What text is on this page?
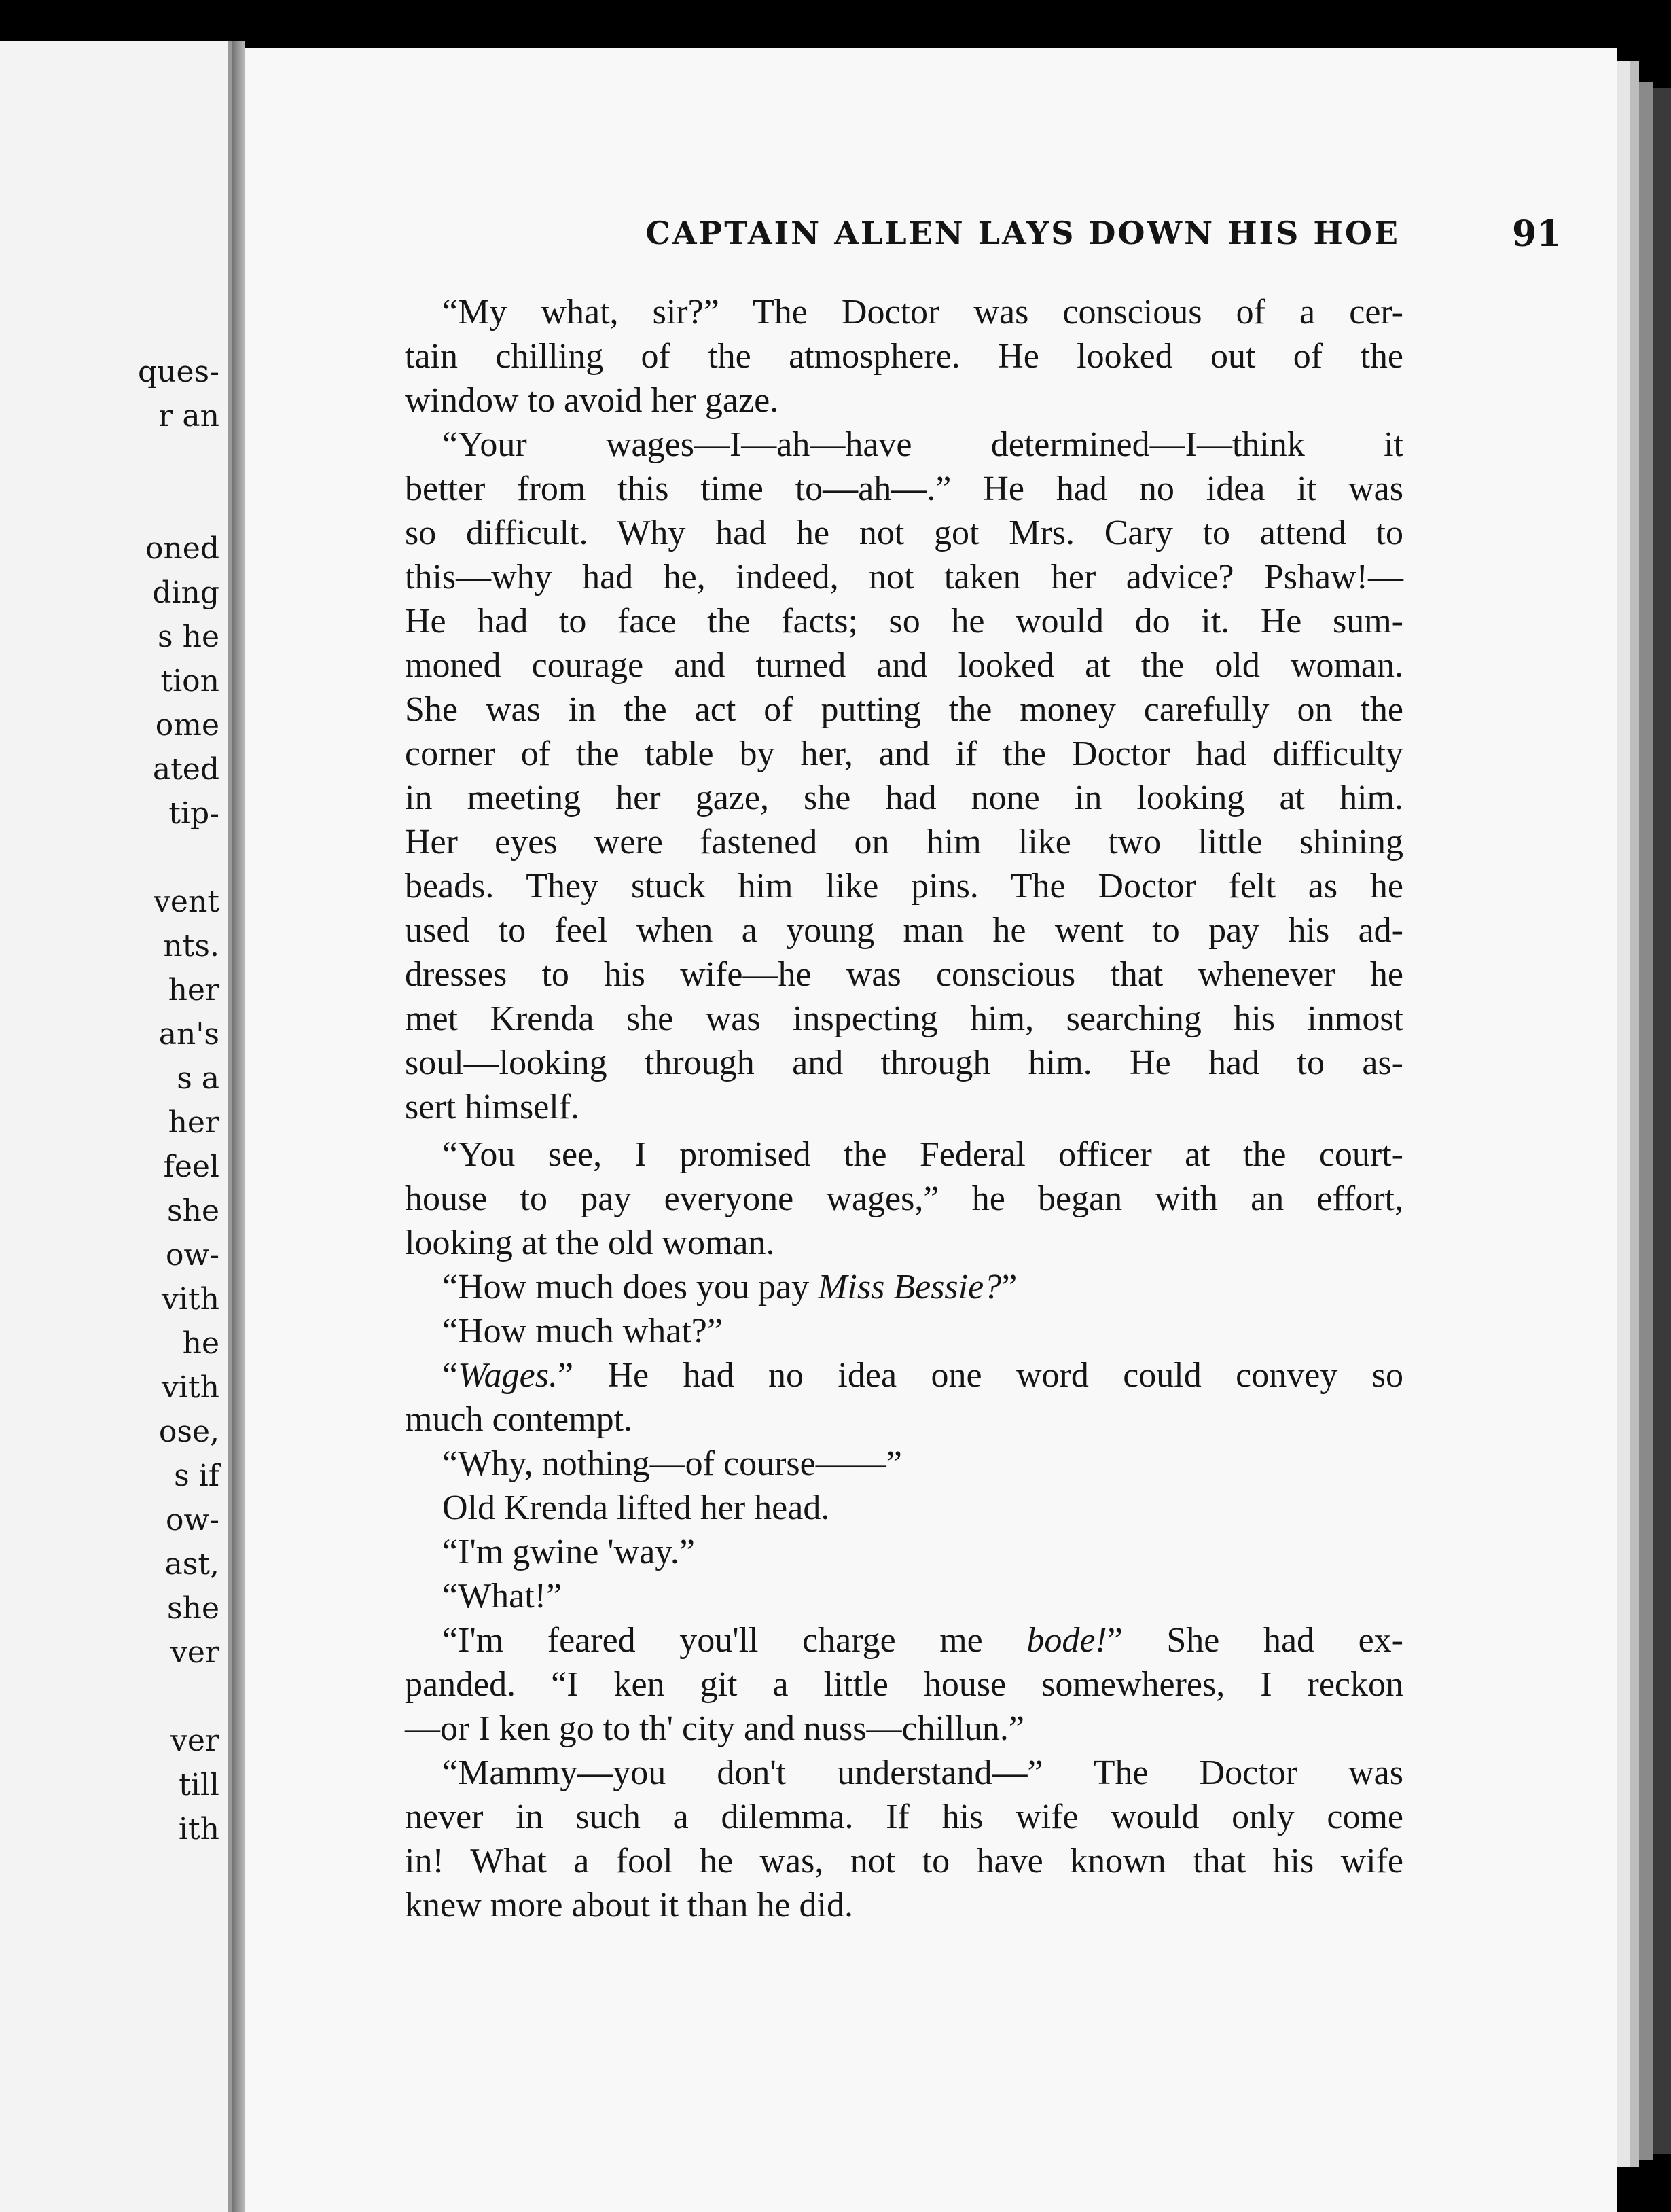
ques-
r an
oned
ding
s he
tion
ome
ated
tip-
vent
nts.
her
an's
s a
her
feel
she
ow-
vith
he
vith
ose,
s if
ow-
ast,
she
ver
ver
till
ith
CAPTAIN ALLEN LAYS DOWN HIS HOE	91
“My what, sir?” The Doctor was conscious of a cer-
tain chilling of the atmosphere. He looked out of the
window to avoid her gaze.
“Your wages—I—ah—have determined—I—think it
better from this time to—ah—.” He had no idea it was
so difficult. Why had he not got Mrs. Cary to attend to
this—why had he, indeed, not taken her advice? Pshaw!—
He had to face the facts; so he would do it. He sum-
moned courage and turned and looked at the old woman.
She was in the act of putting the money carefully on the
corner of the table by her, and if the Doctor had difficulty
in meeting her gaze, she had none in looking at him.
Her eyes were fastened on him like two little shining
beads. They stuck him like pins. The Doctor felt as he
used to feel when a young man he went to pay his ad-
dresses to his wife—he was conscious that whenever he
met Krenda she was inspecting him, searching his inmost
soul—looking through and through him. He had to as-
sert himself.
“You see, I promised the Federal officer at the court-
house to pay everyone wages,” he began with an effort,
looking at the old woman.
“How much does you pay Miss Bessie?”
“How much what?”
“Wages.” He had no idea one word could convey so
much contempt.
“Why, nothing—of course——”
Old Krenda lifted her head.
“I'm gwine 'way.”
“What!”
“I'm feared you'll charge me bode!” She had ex-
panded. “I ken git a little house somewheres, I reckon
—or I ken go to th' city and nuss—chillun.”
“Mammy—you don't understand—” The Doctor was
never in such a dilemma. If his wife would only come
in! What a fool he was, not to have known that his wife
knew more about it than he did.
